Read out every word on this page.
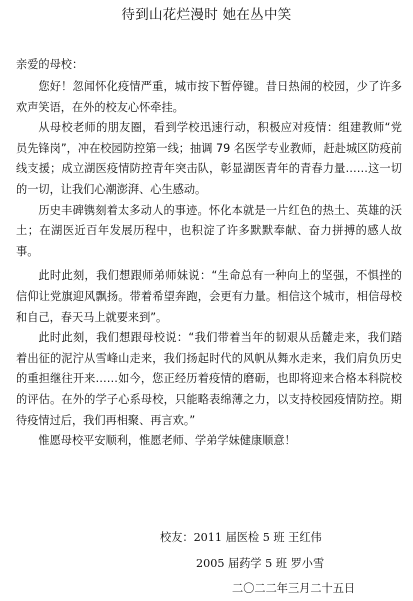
待到山花烂漫时 她在丛中笑
亲爱的母校：

您好！忽闻怀化疫情严重，城市按下暂停键。昔日热闹的校园，少了许多欢声笑语，在外的校友心怀牵挂。

从母校老师的朋友圈，看到学校迅速行动，积极应对疫情：组建教师“党员先锋岗”，冲在校园防控第一线；抽调 79 名医学专业教师，赶赴城区防疫前线支援；成立湖医疫情防控青年突击队，彰显湖医青年的青春力量……这一切的一切，让我们心潮澎湃、心生感动。

历史丰碑镌刻着太多动人的事迹。怀化本就是一片红色的热土、英雄的沃土；在湖医近百年发展历程中，也积淀了许多默默奉献、奋力拼搏的感人故事。

此时此刻，我们想跟师弟师妹说：“生命总有一种向上的坚强，不惧挫的信仰让党旗迎风飘扬。带着希望奔跑，会更有力量。相信这个城市，相信母校和自己，春天马上就要来到”。

此时此刻，我们想跟母校说：“我们带着当年的韧艰从岳麓走来，我们踏着出征的泥泞从雪峰山走来，我们扬起时代的风帆从舞水走来，我们肩负历史的重担继往开来……如今，您正经历着疫情的磨砺，也即将迎来合格本科院校的评估。在外的学子心系母校，只能略表绵薄之力，以支持校园疫情防控。期待疫情过后，我们再相聚、再言欢。”

惟愿母校平安顺利，惟愿老师、学弟学妹健康顺意！

校友：2011 届医检 5 班 王红伟
2005 届药学 5 班 罗小雪
二〇二二年三月二十五日
